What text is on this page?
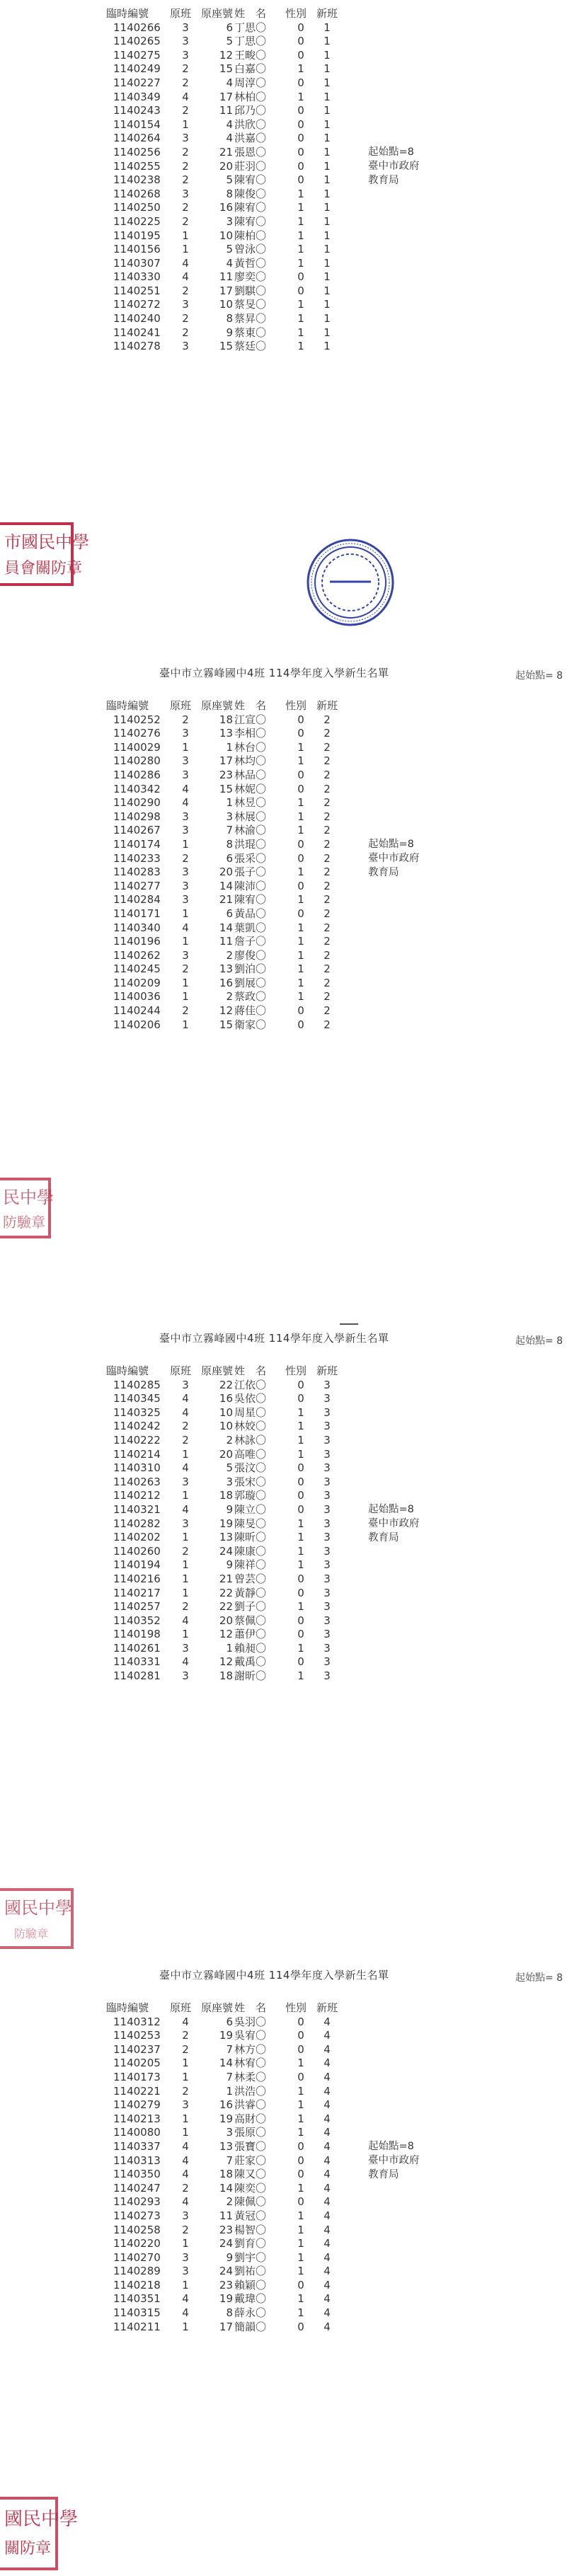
臨時編號	原班	原座號	姓　名	性別	新班
1140266	3	6	丁思〇	0	1
1140265	3	5	丁思〇	0	1
1140275	3	12	王畯〇	0	1
1140249	2	15	白嘉〇	1	1
1140227	2	4	周淳〇	0	1
1140349	4	17	林柏〇	1	1
1140243	2	11	邱乃〇	0	1
1140154	1	4	洪欣〇	0	1
1140264	3	4	洪嘉〇	0	1
1140256	2	21	張恩〇	0	1
1140255	2	20	莊羽〇	0	1
1140238	2	5	陳宥〇	0	1
1140268	3	8	陳俊〇	1	1
1140250	2	16	陳宥〇	1	1
1140225	2	3	陳宥〇	1	1
1140195	1	10	陳柏〇	1	1
1140156	1	5	曾泳〇	1	1
1140307	4	4	黃哲〇	1	1
1140330	4	11	廖奕〇	0	1
1140251	2	17	劉騏〇	0	1
1140272	3	10	蔡旻〇	1	1
1140240	2	8	蔡昇〇	1	1
1140241	2	9	蔡東〇	1	1
1140278	3	15	蔡廷〇	1	1
起始點=8
臺中市政府
教育局
市國民中學
員會關防章
臺中市立霧峰國中4班 114學年度入學新生名單	起始點= 8
臨時編號	原班	原座號	姓　名	性別	新班
1140252	2	18	江宣〇	0	2
1140276	3	13	李相〇	0	2
1140029	1	1	林台〇	1	2
1140280	3	17	林均〇	1	2
1140286	3	23	林品〇	0	2
1140342	4	15	林妮〇	0	2
1140290	4	1	林昱〇	1	2
1140298	3	3	林展〇	1	2
1140267	3	7	林渝〇	1	2
1140174	1	8	洪琨〇	0	2
1140233	2	6	張采〇	0	2
1140283	3	20	張子〇	1	2
1140277	3	14	陳沛〇	0	2
1140284	3	21	陳宥〇	1	2
1140171	1	6	黃品〇	0	2
1140340	4	14	葉凱〇	1	2
1140196	1	11	詹子〇	1	2
1140262	3	2	廖俊〇	1	2
1140245	2	13	劉泊〇	1	2
1140209	1	16	劉展〇	1	2
1140036	1	2	蔡政〇	1	2
1140244	2	12	蔣佳〇	0	2
1140206	1	15	衛家〇	0	2
起始點=8
臺中市政府
教育局
民中學
防驗章
臺中市立霧峰國中4班 114學年度入學新生名單	起始點= 8
臨時編號	原班	原座號	姓　名	性別	新班
1140285	3	22	江依〇	0	3
1140345	4	16	吳依〇	0	3
1140325	4	10	周星〇	1	3
1140242	2	10	林姣〇	1	3
1140222	2	2	林詠〇	1	3
1140214	1	20	高唯〇	1	3
1140310	4	5	張汶〇	0	3
1140263	3	3	張宋〇	0	3
1140212	1	18	郭璇〇	0	3
1140321	4	9	陳立〇	0	3
1140282	3	19	陳旻〇	1	3
1140202	1	13	陳昕〇	1	3
1140260	2	24	陳康〇	1	3
1140194	1	9	陳祥〇	1	3
1140216	1	21	曾芸〇	0	3
1140217	1	22	黃靜〇	0	3
1140257	2	22	劉子〇	1	3
1140352	4	20	蔡佩〇	0	3
1140198	1	12	蕭伊〇	0	3
1140261	3	1	賴昶〇	1	3
1140331	4	12	戴禹〇	0	3
1140281	3	18	謝昕〇	1	3
起始點=8
臺中市政府
教育局
國民中學
防驗章
臺中市立霧峰國中4班 114學年度入學新生名單	起始點= 8
臨時編號	原班	原座號	姓　名	性別	新班
1140312	4	6	吳羽〇	0	4
1140253	2	19	吳宥〇	0	4
1140237	2	7	林方〇	0	4
1140205	1	14	林宥〇	1	4
1140173	1	7	林柔〇	0	4
1140221	2	1	洪浩〇	1	4
1140279	3	16	洪睿〇	1	4
1140213	1	19	高財〇	1	4
1140080	1	3	張原〇	1	4
1140337	4	13	張寶〇	0	4
1140313	4	7	莊家〇	0	4
1140350	4	18	陳又〇	0	4
1140247	2	14	陳奕〇	1	4
1140293	4	2	陳佩〇	0	4
1140273	3	11	黃冠〇	1	4
1140258	2	23	楊智〇	1	4
1140220	1	24	劉育〇	1	4
1140270	3	9	劉宇〇	1	4
1140289	3	24	劉祐〇	1	4
1140218	1	23	賴穎〇	0	4
1140351	4	19	戴瑋〇	1	4
1140315	4	8	薛永〇	1	4
1140211	1	17	簡韻〇	0	4
起始點=8
臺中市政府
教育局
國民中學
關防章
